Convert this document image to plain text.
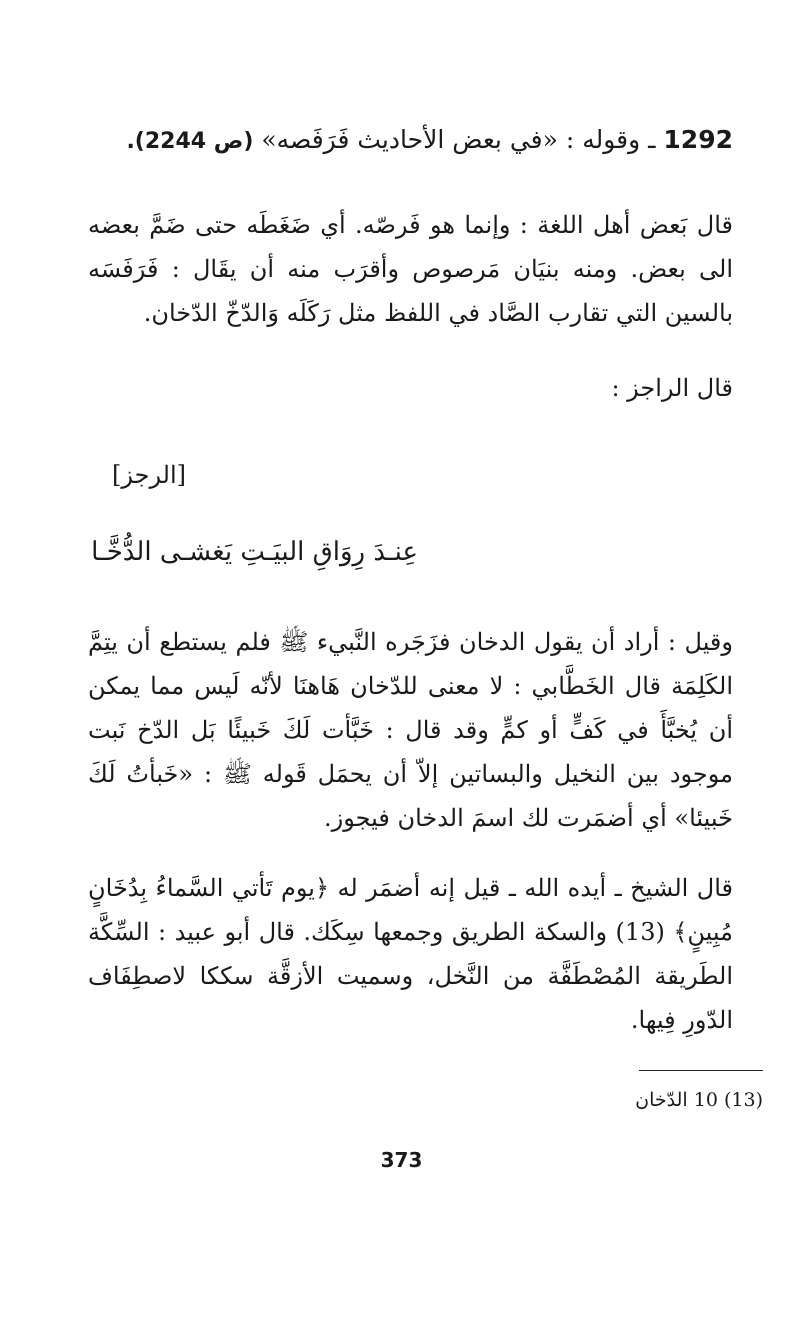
1292 ـ وقوله : «في بعض الأحاديث فَرَفَصه» (ص 2244).
قال بَعض أهل اللغة : وإنما هو فَرصّه. أي ضَغَطَه حتى ضَمَّ بعضه الى بعض. ومنه بنيَان مَرصوص وأقرَب منه أن يقَال : فَرَفَسَه بالسين التي تقارب الصَّاد في اللفظ مثل رَكَلَه وَالدّخّ الدّخان.
قال الراجز :
[الرجز]
عِنـدَ رِوَاقِ البيَـتِ يَغشـى الدُّخَّـا
وقيل : أراد أن يقول الدخان فزَجَره النَّبيء ﷺ فلم يستطع أن يتِمَّ الكَلِمَة قال الخَطَّابي : لا معنى للدّخان هَاهنَا لأنّه لَيس مما يمكن أن يُخبَّأَ في كَفٍّ أو كمٍّ وقد قال : خَبَّأت لَكَ خَبيئًا بَل الدّخ نَبت موجود بين النخيل والبساتين إلاّ أن يحمَل قَوله ﷺ : «خَبأتُ لَكَ خَبيئا» أي أضمَرت لك اسمَ الدخان فيجوز.
قال الشيخ ـ أيده الله ـ قيل إنه أضمَر له ﴿يوم تَأتي السَّماءُ بِدُخَانٍ مُبِينٍ﴾ (13) والسكة الطريق وجمعها سِكَك. قال أبو عبيد : السِّكَّة الطَريقة المُصْطَفَّة من النَّخل، وسميت الأزقَّة سككا لاصطِفَاف الدّورِ فِيها.
(13) 10 الدّخان
373
